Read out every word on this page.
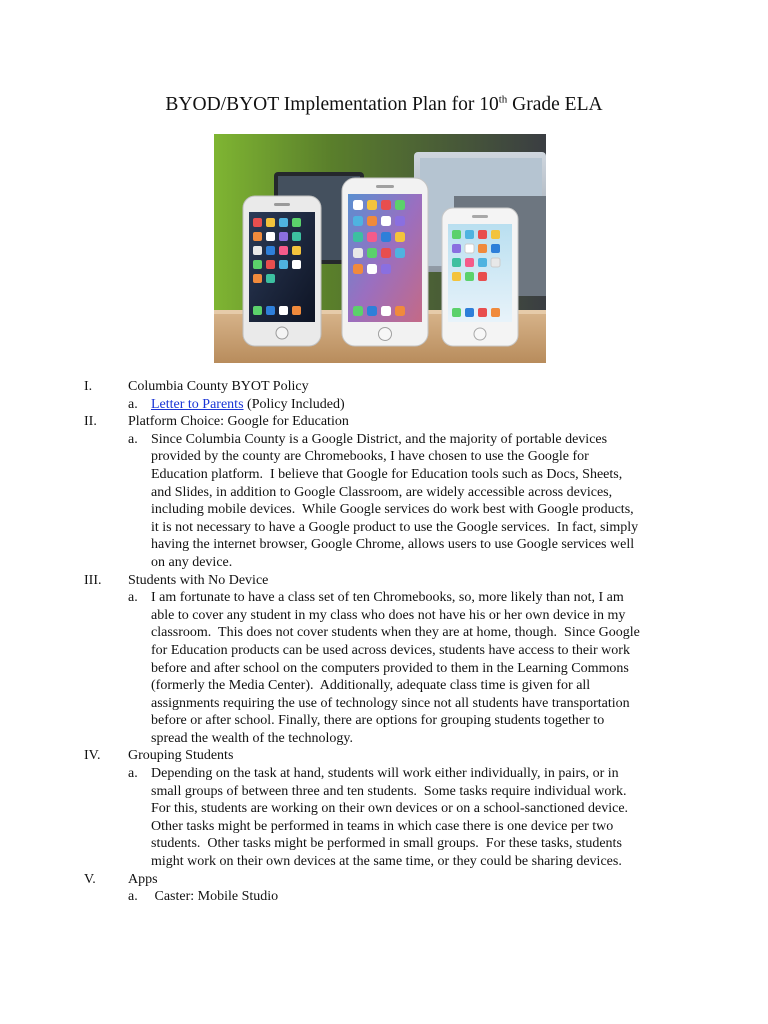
BYOD/BYOT Implementation Plan for 10th Grade ELA
I.	Columbia County BYOT Policy
a. Letter to Parents (Policy Included)
II. Platform Choice: Google for Education
a. Since Columbia County is a Google District, and the majority of portable devices
provided by the county are Chromebooks, I have chosen to use the Google for
Education platform.  I believe that Google for Education tools such as Docs, Sheets,
and Slides, in addition to Google Classroom, are widely accessible across devices,
including mobile devices.  While Google services do work best with Google products,
it is not necessary to have a Google product to use the Google services.  In fact, simply
having the internet browser, Google Chrome, allows users to use Google services well
on any device.
III. Students with No Device
a. I am fortunate to have a class set of ten Chromebooks, so, more likely than not, I am
able to cover any student in my class who does not have his or her own device in my
classroom.  This does not cover students when they are at home, though.  Since Google
for Education products can be used across devices, students have access to their work
before and after school on the computers provided to them in the Learning Commons
(formerly the Media Center).  Additionally, adequate class time is given for all
assignments requiring the use of technology since not all students have transportation
before or after school. Finally, there are options for grouping students together to
spread the wealth of the technology.
IV. Grouping Students
a. Depending on the task at hand, students will work either individually, in pairs, or in
small groups of between three and ten students.  Some tasks require individual work.
For this, students are working on their own devices or on a school-sanctioned device.
Other tasks might be performed in teams in which case there is one device per two
students.  Other tasks might be performed in small groups.  For these tasks, students
might work on their own devices at the same time, or they could be sharing devices.
V. Apps
a. Caster: Mobile Studio
